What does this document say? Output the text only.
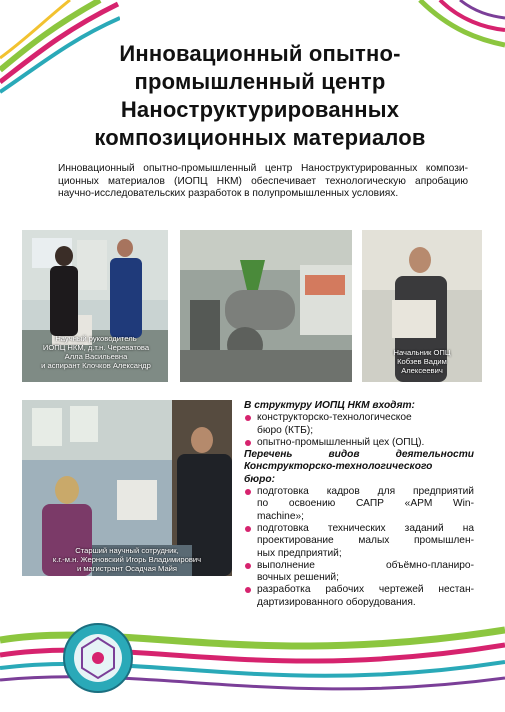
Инновационный опытно-
промышленный центр
Наноструктурированных
композиционных материалов
Инновационный опытно-промышленный центр Наноструктурированных компози-
ционных материалов (ИОПЦ НКМ) обеспечивает технологическую апробацию
научно-исследовательских разработок в полупромышленных условиях.
Научный руководитель
ИОПЦ НКМ, д.т.н. Череватова
Алла Васильевна
и аспирант Клочков Александр
Начальник ОПЦ
Кобзев Вадим
Алексеевич
Старший научный сотрудник,
к.г.-м.н. Жерновский Игорь Владимирович
и магистрант Осадчая Майя
В структуру ИОПЦ НКМ входят:
конструкторско-технологическое
бюро (КТБ);
опытно-промышленный цех (ОПЦ).
Перечень видов деятельности
Конструкторско-технологического
бюро:
подготовка кадров для предприятий
по освоению САПР «АРМ Win-
machine»;
подготовка технических заданий на
проектирование малых промышлен-
ных предприятий;
выполнение объёмно-планиро-
вочных решений;
разработка рабочих чертежей нестан-
дартизированного оборудования.
